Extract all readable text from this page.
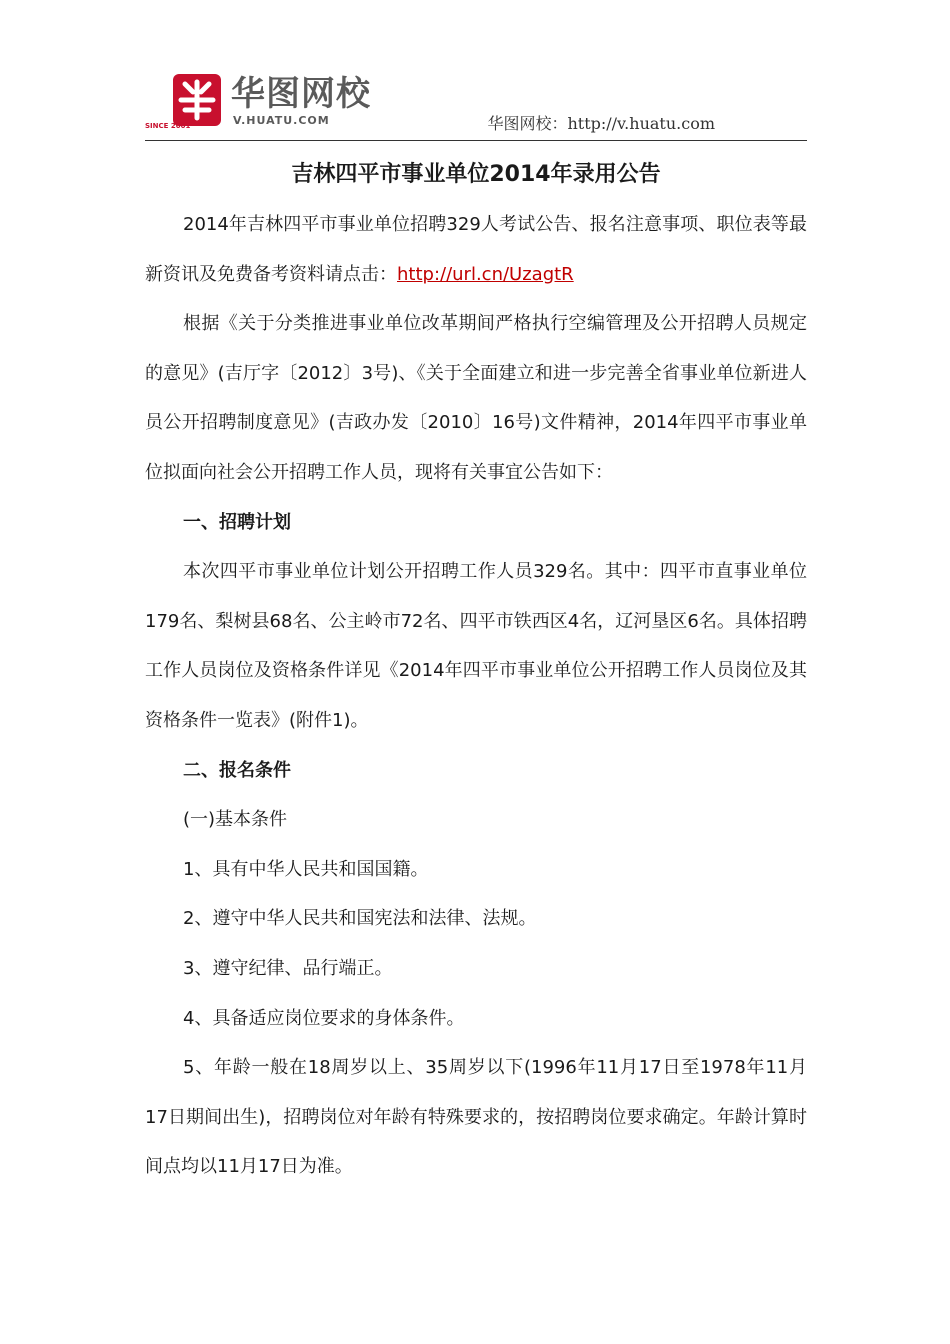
华图网校
V.HUATU.COM
SINCE 2001	华图网校：http://v.huatu.com
吉林四平市事业单位2014年录用公告

2014年吉林四平市事业单位招聘329人考试公告、报名注意事项、职位表等最新资讯及免费备考资料请点击：http://url.cn/UzagtR

根据《关于分类推进事业单位改革期间严格执行空编管理及公开招聘人员规定的意见》(吉厅字〔2012〕3号)、《关于全面建立和进一步完善全省事业单位新进人员公开招聘制度意见》(吉政办发〔2010〕16号)文件精神，2014年四平市事业单位拟面向社会公开招聘工作人员，现将有关事宜公告如下：

一、招聘计划

本次四平市事业单位计划公开招聘工作人员329名。其中：四平市直事业单位179名、梨树县68名、公主岭市72名、四平市铁西区4名，辽河垦区6名。具体招聘工作人员岗位及资格条件详见《2014年四平市事业单位公开招聘工作人员岗位及其资格条件一览表》(附件1)。

二、报名条件

(一)基本条件

1、具有中华人民共和国国籍。

2、遵守中华人民共和国宪法和法律、法规。

3、遵守纪律、品行端正。

4、具备适应岗位要求的身体条件。

5、年龄一般在18周岁以上、35周岁以下(1996年11月17日至1978年11月17日期间出生)，招聘岗位对年龄有特殊要求的，按招聘岗位要求确定。年龄计算时间点均以11月17日为准。
